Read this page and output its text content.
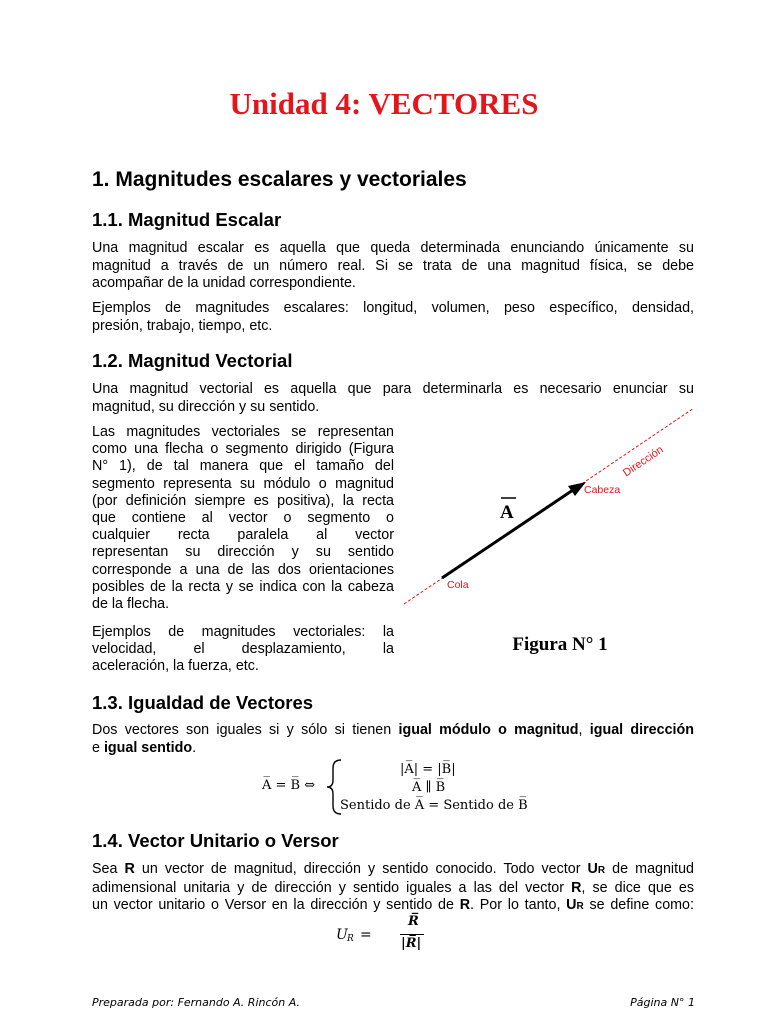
Unidad 4: VECTORES
1. Magnitudes escalares y vectoriales
1.1. Magnitud Escalar
Una magnitud escalar es aquella que queda determinada enunciando únicamente su
magnitud a través de un número real. Si se trata de una magnitud física, se debe
acompañar de la unidad correspondiente.
Ejemplos de magnitudes escalares: longitud, volumen, peso específico, densidad,
presión, trabajo, tiempo, etc.
1.2. Magnitud Vectorial
Una magnitud vectorial es aquella que para determinarla es necesario enunciar su
magnitud, su dirección y su sentido.
Las magnitudes vectoriales se representan
como una flecha o segmento dirigido (Figura
N° 1), de tal manera que el tamaño del
segmento representa su módulo o magnitud
(por definición siempre es positiva), la recta
que contiene al vector o segmento o
cualquier recta paralela al vector
representan su dirección y su sentido
corresponde a una de las dos orientaciones
posibles de la recta y se indica con la cabeza
de la flecha.
Ejemplos de magnitudes vectoriales: la
velocidad, el desplazamiento, la
aceleración, la fuerza, etc.
Dirección
Cabeza
Cola
A
Figura N° 1
1.3. Igualdad de Vectores
Dos vectores son iguales si y sólo si tienen igual módulo o magnitud, igual dirección
e igual sentido.
A̅ = B̅ ⇔
|A̅| = |B̅|
A̅ ∥ B̅
Sentido de A̅ = Sentido de B̅
1.4. Vector Unitario o Versor
Sea R un vector de magnitud, dirección y sentido conocido. Todo vector UR de magnitud
adimensional unitaria y de dirección y sentido iguales a las del vector R, se dice que es
un vector unitario o Versor en la dirección y sentido de R. Por lo tanto, UR se define como:
U R =
R̅
|R̅|
Preparada por: Fernando A. Rincón A.	Página N° 1
